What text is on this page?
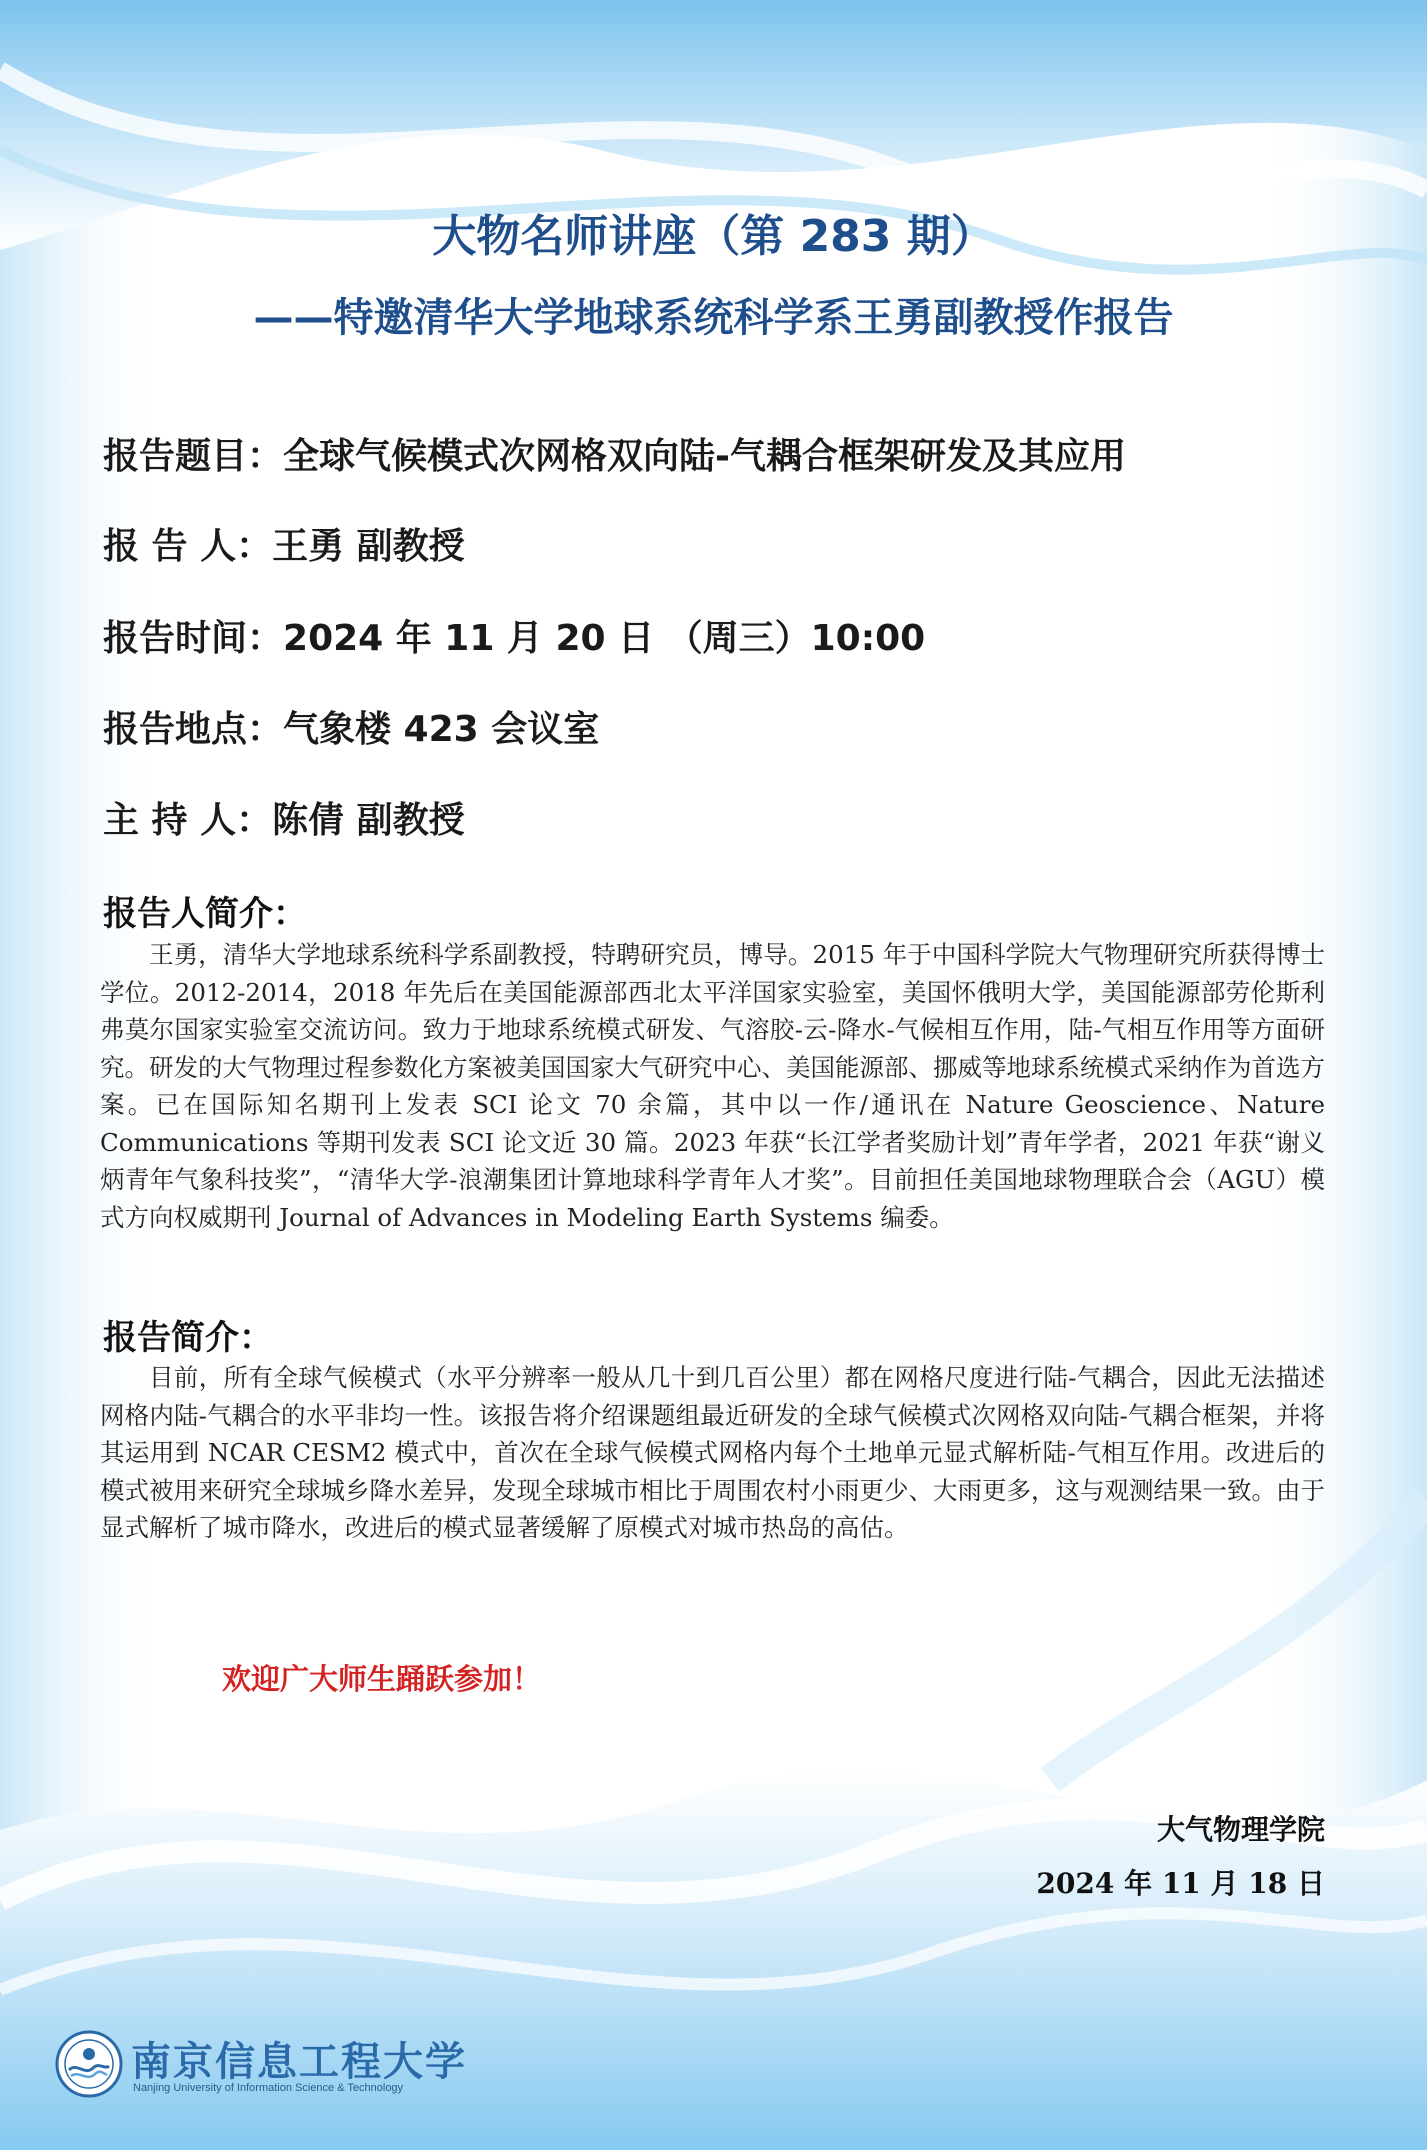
大物名师讲座（第 283 期）
——特邀清华大学地球系统科学系王勇副教授作报告
报告题目：全球气候模式次网格双向陆-气耦合框架研发及其应用
报 告 人：王勇 副教授
报告时间：2024 年 11 月 20 日 （周三）10:00
报告地点：气象楼 423 会议室
主 持 人：陈倩 副教授
报告人简介：

王勇，清华大学地球系统科学系副教授，特聘研究员，博导。2015 年于中国科学院大气物理研究所获得博士学位。2012-2014，2018 年先后在美国能源部西北太平洋国家实验室，美国怀俄明大学，美国能源部劳伦斯利弗莫尔国家实验室交流访问。致力于地球系统模式研发、气溶胶-云-降水-气候相互作用，陆-气相互作用等方面研究。研发的大气物理过程参数化方案被美国国家大气研究中心、美国能源部、挪威等地球系统模式采纳作为首选方案。已在国际知名期刊上发表 SCI 论文 70 余篇，其中以一作/通讯在 Nature Geoscience、Nature Communications 等期刊发表 SCI 论文近 30 篇。2023 年获“长江学者奖励计划”青年学者，2021 年获“谢义炳青年气象科技奖”，“清华大学-浪潮集团计算地球科学青年人才奖”。目前担任美国地球物理联合会（AGU）模式方向权威期刊 Journal of Advances in Modeling Earth Systems 编委。

报告简介：

目前，所有全球气候模式（水平分辨率一般从几十到几百公里）都在网格尺度进行陆-气耦合，因此无法描述网格内陆-气耦合的水平非均一性。该报告将介绍课题组最近研发的全球气候模式次网格双向陆-气耦合框架，并将其运用到 NCAR CESM2 模式中，首次在全球气候模式网格内每个土地单元显式解析陆-气相互作用。改进后的模式被用来研究全球城乡降水差异，发现全球城市相比于周围农村小雨更少、大雨更多，这与观测结果一致。由于显式解析了城市降水，改进后的模式显著缓解了原模式对城市热岛的高估。

欢迎广大师生踊跃参加！
大气物理学院
2024 年 11 月 18 日
南京信息工程大学
Nanjing University of Information Science & Technology
